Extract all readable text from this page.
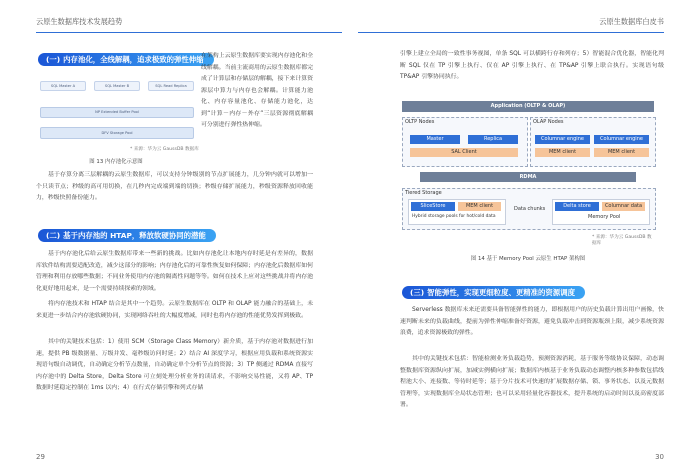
云原生数据库技术发展趋势
(一) 内存池化，全线解耦，追求极致的弹性伸缩
SQL Master A	SQL Master B	SQL Read Replica
NP Extended Buffer Pool
DFV Storage Pool
* 来源：华为云 GaussDB 数据库
图 13 内存池化示意图

在架构上云原生数据库要实现内存池化和全线解耦。当前主流商用的云原生数据库都完成了计算层和存储层的解耦，接下来计算资源层中算力与内存也会解耦。计算能力池化、内存容量池化、存储能力池化，达到“计算－内存－外存”三层资源彻底解耦可分别进行弹性热伸缩。

基于存算分离三层解耦的云原生数据库，可以支持分钟级别的节点扩展能力，几分钟内就可以增加一个只读节点；秒级的高可用切换，在几秒内完成端到端的切换；秒级存储扩展能力，秒级资源释放回收能力，秒级快照备份能力。

(二) 基于内存池的 HTAP，释放软硬协同的潜能

基于内存池化后给云原生数据库带来一些新的挑战。比如内存池化让本地内存时延是有差异的，数据库软件结构需要适配改造，减少这部分的影响；内存池化后的可靠性恢复如何保障；内存池化后数据库如何管理和利用存放哪些数据；不同业务使用内存池的隔离性问题等等。如何在技术上应对这些挑战并将内存池化更好地用起来，是一个需要持续探索的领域。

将内存池技术和 HTAP 结合是其中一个趋势。云原生数据库在 OLTP 和 OLAP 能力融合的基础上，未来更进一步结合内存池软硬协同，实现网络吞吐的大幅度增减，同时也将内存池的性能优势发挥到极致。

其中的关键技术包括：1）使用 SCM（Storage Class Memory）新介质，基于内存池对数据进行加速，提供 PB 级数据量、万级并发、毫秒级访问时延；2）结合 AI 深度学习，根据应用负载和系统资源实现语句级自动调优，自动确定分析节点数量，自动确定单个分析节点的资源；3）TP 侧通过 RDMA 直接写内存池中的 Delta Store，Delta Store 可立刻处理分析业务的读请求，不影响交易性能，又将 AP、TP 数据时延稳定控制在 1ms 以内；4）在行式存储引擎和列式存储

29
云原生数据库白皮书

引擎上建立全局的一致性事务视图，单条 SQL 可以横跨行存和列存；5）智能混合优化器，智能化判断 SQL 仅在 TP 引擎上执行、仅在 AP 引擎上执行、在 TP&AP 引擎上联合执行。实现语句级 TP&AP 引擎协同执行。

Application (OLTP & OLAP)
OLTP Nodes
Master	Replica
SAL Client
OLAP Nodes
Columnar engine	Columnar engine
MEM client	MEM client
RDMA
Tiered Storage
SliceStore	MEM client
Hybrid storage pools for hot/cold data
Data chunks	Delta store	Columnar data
Memory Pool
* 来源：华为云 GaussDB 数据库
图 14 基于 Memory Pool 云原生 HTAP 架构图
(三) 智能弹性，实现更细粒度、更精准的资源调度

Serverless 数据库未来还需要具备智能弹性的能力，即根据用户的历史负载计算出用户画像，快速判断未来的负载曲线，提前为弹性伸缩准备好资源，避免负载冲击到资源瓶颈上限，减少系统资源浪费，追求资源极致的弹性。

其中的关键技术包括：智能检测业务负载趋势，预测资源消耗，基于服务等级协议保障，动态调整数据库资源纵向扩展，加减实例横向扩展；数据库内核基于业务负载动态调整内核多种参数包括线程池大小、连接数、等待时延等；基于分片技术可快速的扩展数据存储、锁、事务状态、以及元数据管理等，实现数据库全局状态管理；也可以采用轻量化容器技术，提升系统的启动时间以及高密度部署。

30
